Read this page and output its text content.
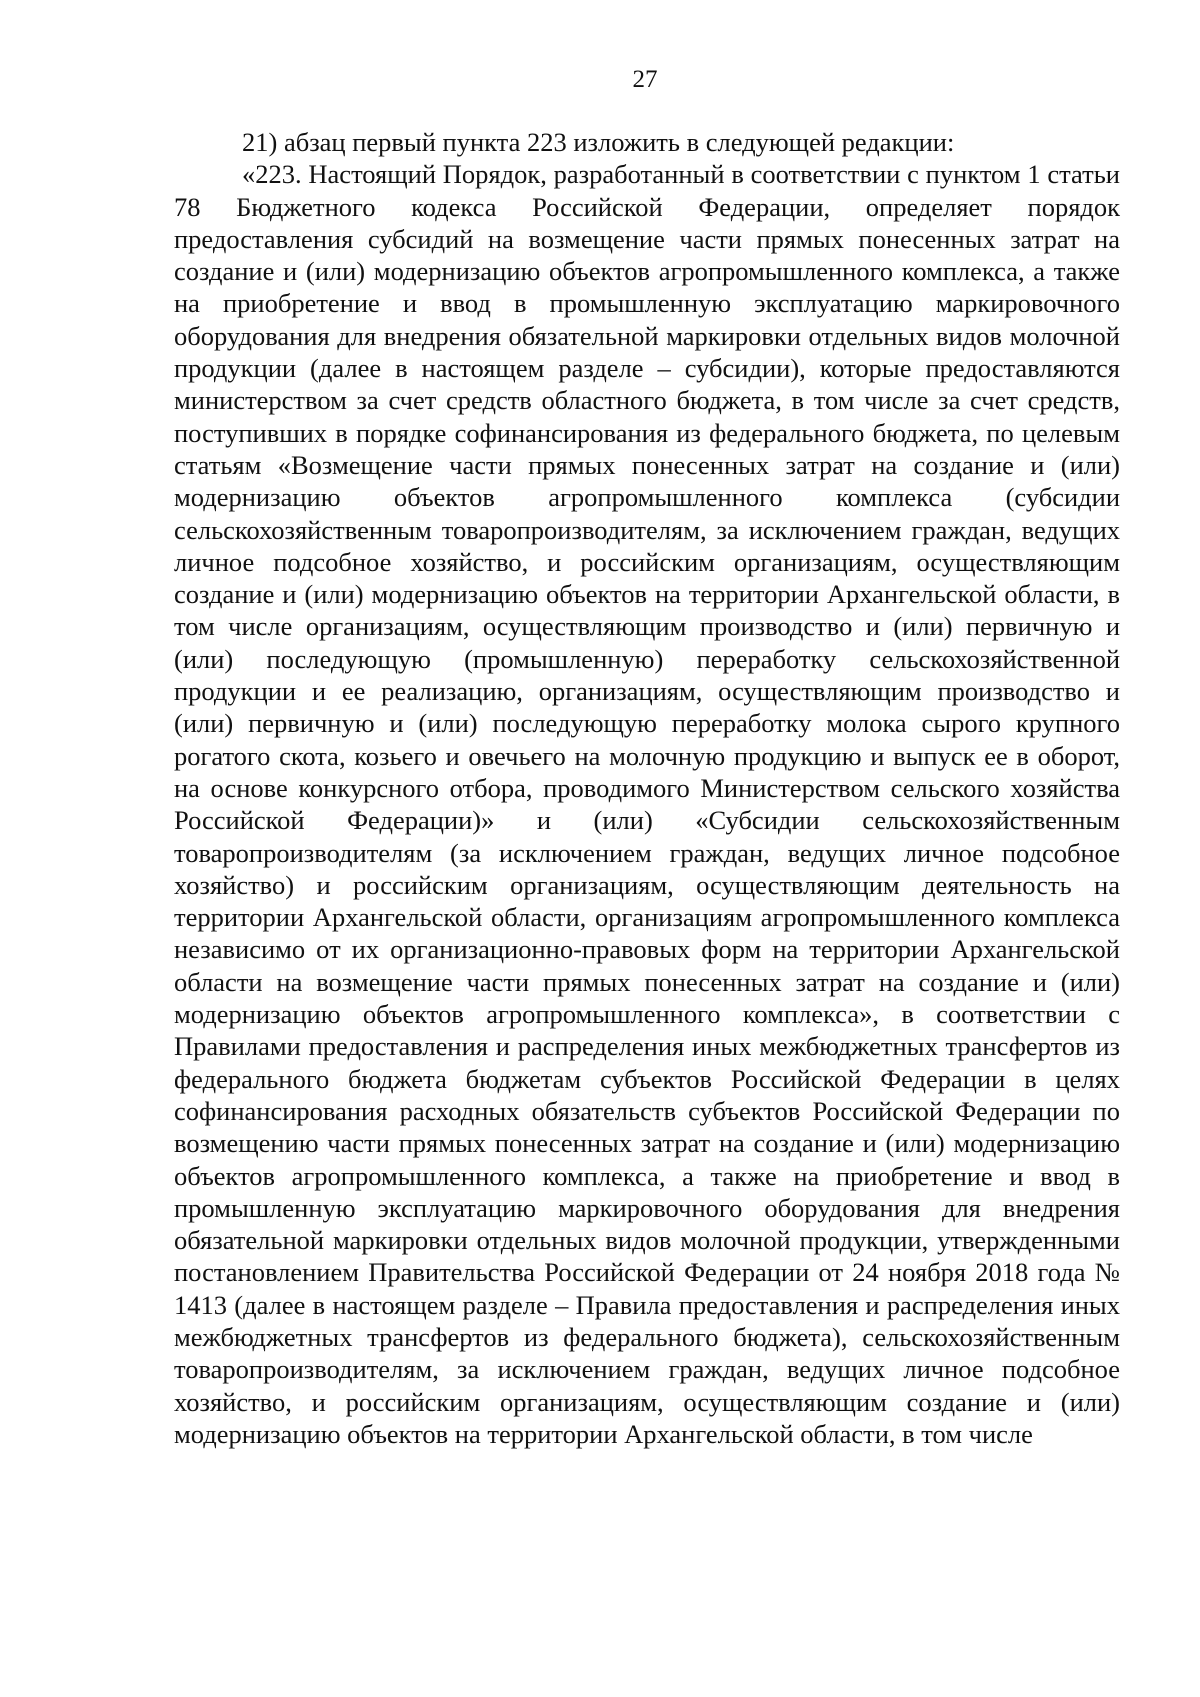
27

21) абзац первый пункта 223 изложить в следующей редакции:

«223. Настоящий Порядок, разработанный в соответствии с пунктом 1 статьи 78 Бюджетного кодекса Российской Федерации, определяет порядок предоставления субсидий на возмещение части прямых понесенных затрат на создание и (или) модернизацию объектов агропромышленного комплекса, а также на приобретение и ввод в промышленную эксплуатацию маркировочного оборудования для внедрения обязательной маркировки отдельных видов молочной продукции (далее в настоящем разделе – субсидии), которые предоставляются министерством за счет средств областного бюджета, в том числе за счет средств, поступивших в порядке софинансирования из федерального бюджета, по целевым статьям «Возмещение части прямых понесенных затрат на создание и (или) модернизацию объектов агропромышленного комплекса (субсидии сельскохозяйственным товаропроизводителям, за исключением граждан, ведущих личное подсобное хозяйство, и российским организациям, осуществляющим создание и (или) модернизацию объектов на территории Архангельской области, в том числе организациям, осуществляющим производство и (или) первичную и (или) последующую (промышленную) переработку сельскохозяйственной продукции и ее реализацию, организациям, осуществляющим производство и (или) первичную и (или) последующую переработку молока сырого крупного рогатого скота, козьего и овечьего на молочную продукцию и выпуск ее в оборот, на основе конкурсного отбора, проводимого Министерством сельского хозяйства Российской Федерации)» и (или) «Субсидии сельскохозяйственным товаропроизводителям (за исключением граждан, ведущих личное подсобное хозяйство) и российским организациям, осуществляющим деятельность на территории Архангельской области, организациям агропромышленного комплекса независимо от их организационно-правовых форм на территории Архангельской области на возмещение части прямых понесенных затрат на создание и (или) модернизацию объектов агропромышленного комплекса», в соответствии с Правилами предоставления и распределения иных межбюджетных трансфертов из федерального бюджета бюджетам субъектов Российской Федерации в целях софинансирования расходных обязательств субъектов Российской Федерации по возмещению части прямых понесенных затрат на создание и (или) модернизацию объектов агропромышленного комплекса, а также на приобретение и ввод в промышленную эксплуатацию маркировочного оборудования для внедрения обязательной маркировки отдельных видов молочной продукции, утвержденными постановлением Правительства Российской Федерации от 24 ноября 2018 года № 1413 (далее в настоящем разделе – Правила предоставления и распределения иных межбюджетных трансфертов из федерального бюджета), сельскохозяйственным товаропроизводителям, за исключением граждан, ведущих личное подсобное хозяйство, и российским организациям, осуществляющим создание и (или) модернизацию объектов на территории Архангельской области, в том числе
